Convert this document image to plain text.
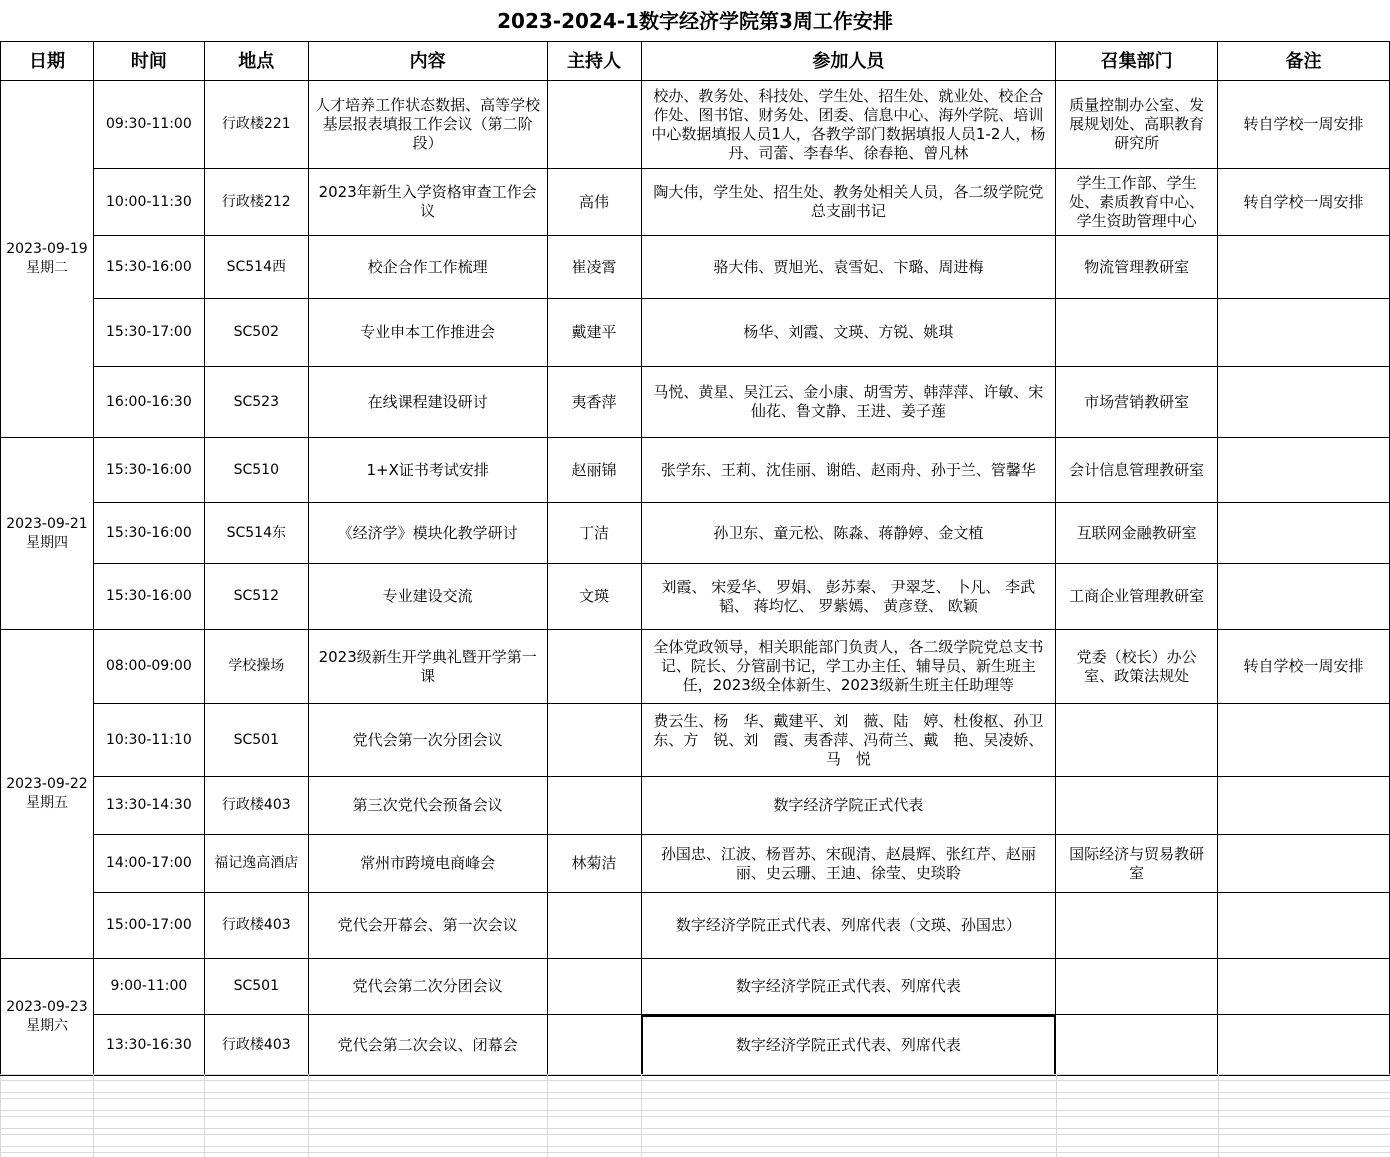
2023-2024-1数字经济学院第3周工作安排
日期	时间	地点	内容	主持人	参加人员	召集部门	备注
2023-09-19
星期二	09:30-11:00	行政楼221	人才培养工作状态数据、高等学校基层报表填报工作会议（第二阶段）		校办、教务处、科技处、学生处、招生处、就业处、校企合作处、图书馆、财务处、团委、信息中心、海外学院、培训中心数据填报人员1人，各教学部门数据填报人员1-2人，杨丹、司蕾、李春华、徐春艳、曾凡林	质量控制办公室、发展规划处、高职教育研究所	转自学校一周安排
	10:00-11:30	行政楼212	2023年新生入学资格审查工作会议	高伟	陶大伟，学生处、招生处、教务处相关人员，各二级学院党总支副书记	学生工作部、学生处、素质教育中心、学生资助管理中心	转自学校一周安排
	15:30-16:00	SC514西	校企合作工作梳理	崔凌霄	骆大伟、贾旭光、袁雪妃、卞璐、周进梅	物流管理教研室	
	15:30-17:00	SC502	专业申本工作推进会	戴建平	杨华、刘霞、文瑛、方锐、姚琪		
	16:00-16:30	SC523	在线课程建设研讨	夷香萍	马悦、黄星、吴江云、金小康、胡雪芳、韩萍萍、许敏、宋仙花、鲁文静、王进、姜子莲	市场营销教研室	
2023-09-21
星期四	15:30-16:00	SC510	1+X证书考试安排	赵丽锦	张学东、王莉、沈佳丽、谢皓、赵雨舟、孙于兰、管馨华	会计信息管理教研室	
	15:30-16:00	SC514东	《经济学》模块化教学研讨	丁洁	孙卫东、童元松、陈淼、蒋静婷、金文植	互联网金融教研室	
	15:30-16:00	SC512	专业建设交流	文瑛	刘霞、 宋爱华、 罗娟、 彭苏秦、 尹翠芝、 卜凡、 李武韬、 蒋均忆、 罗紫嫣、 黄彦登、 欧颖	工商企业管理教研室	
2023-09-22
星期五	08:00-09:00	学校操场	2023级新生开学典礼暨开学第一课		全体党政领导，相关职能部门负责人，各二级学院党总支书记、院长、分管副书记，学工办主任、辅导员、新生班主任，2023级全体新生、2023级新生班主任助理等	党委（校长）办公室、政策法规处	转自学校一周安排
	10:30-11:10	SC501	党代会第一次分团会议		费云生、杨　华、戴建平、刘　薇、陆　婷、杜俊枢、孙卫东、方　锐、刘　霞、夷香萍、冯荷兰、戴　艳、吴凌娇、马　悦		
	13:30-14:30	行政楼403	第三次党代会预备会议		数字经济学院正式代表		
	14:00-17:00	福记逸高酒店	常州市跨境电商峰会	林菊洁	孙国忠、江波、杨晋苏、宋砚清、赵晨辉、张红芹、赵丽丽、史云珊、王迪、徐莹、史琰聆	国际经济与贸易教研室	
	15:00-17:00	行政楼403	党代会开幕会、第一次会议		数字经济学院正式代表、列席代表（文瑛、孙国忠）		
2023-09-23
星期六	9:00-11:00	SC501	党代会第二次分团会议		数字经济学院正式代表、列席代表		
	13:30-16:30	行政楼403	党代会第二次会议、闭幕会		数字经济学院正式代表、列席代表		
